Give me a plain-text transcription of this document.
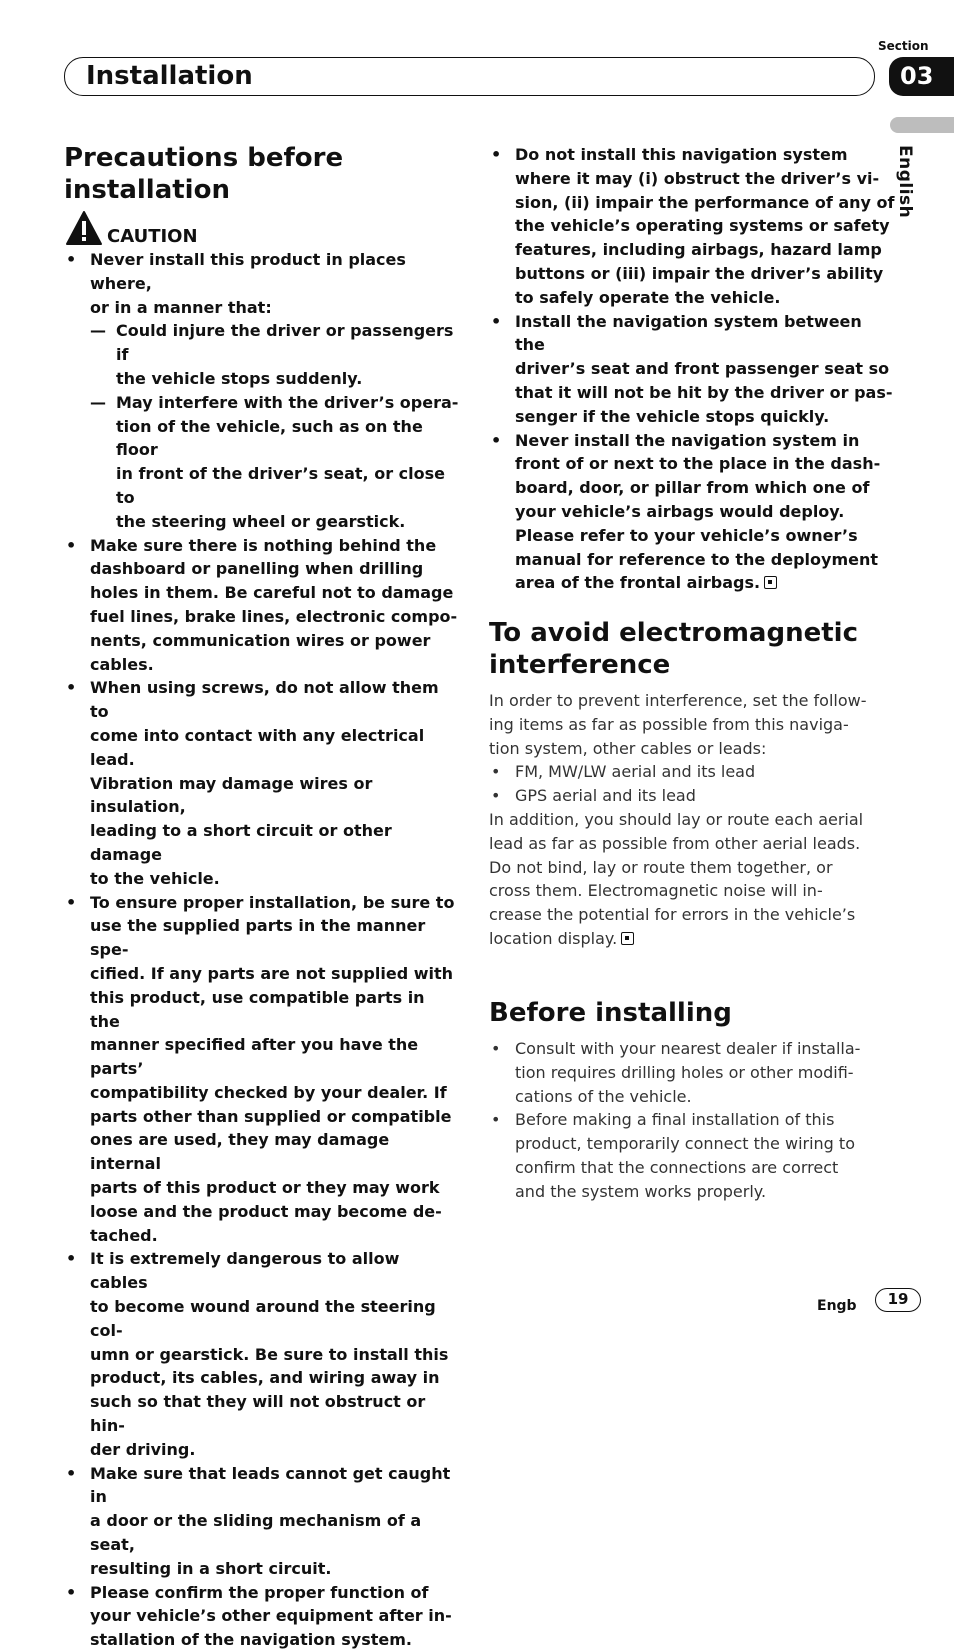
Section
03
Installation
English
Precautions before
installation
CAUTION
• Never install this product in places where,
or in a manner that:
— Could injure the driver or passengers if
the vehicle stops suddenly.
— May interfere with the driver’s opera-
tion of the vehicle, such as on the floor
in front of the driver’s seat, or close to
the steering wheel or gearstick.
• Make sure there is nothing behind the
dashboard or panelling when drilling
holes in them. Be careful not to damage
fuel lines, brake lines, electronic compo-
nents, communication wires or power
cables.
• When using screws, do not allow them to
come into contact with any electrical lead.
Vibration may damage wires or insulation,
leading to a short circuit or other damage
to the vehicle.
• To ensure proper installation, be sure to
use the supplied parts in the manner spe-
cified. If any parts are not supplied with
this product, use compatible parts in the
manner specified after you have the parts’
compatibility checked by your dealer. If
parts other than supplied or compatible
ones are used, they may damage internal
parts of this product or they may work
loose and the product may become de-
tached.
• It is extremely dangerous to allow cables
to become wound around the steering col-
umn or gearstick. Be sure to install this
product, its cables, and wiring away in
such so that they will not obstruct or hin-
der driving.
• Make sure that leads cannot get caught in
a door or the sliding mechanism of a seat,
resulting in a short circuit.
• Please confirm the proper function of
your vehicle’s other equipment after in-
stallation of the navigation system.
• Do not install this navigation system
where it may (i) obstruct the driver’s vi-
sion, (ii) impair the performance of any of
the vehicle’s operating systems or safety
features, including airbags, hazard lamp
buttons or (iii) impair the driver’s ability
to safely operate the vehicle.
• Install the navigation system between the
driver’s seat and front passenger seat so
that it will not be hit by the driver or pas-
senger if the vehicle stops quickly.
• Never install the navigation system in
front of or next to the place in the dash-
board, door, or pillar from which one of
your vehicle’s airbags would deploy.
Please refer to your vehicle’s owner’s
manual for reference to the deployment
area of the frontal airbags.
To avoid electromagnetic
interference
In order to prevent interference, set the follow-
ing items as far as possible from this naviga-
tion system, other cables or leads:
• FM, MW/LW aerial and its lead
• GPS aerial and its lead
In addition, you should lay or route each aerial
lead as far as possible from other aerial leads.
Do not bind, lay or route them together, or
cross them. Electromagnetic noise will in-
crease the potential for errors in the vehicle’s
location display.
Before installing
• Consult with your nearest dealer if installa-
tion requires drilling holes or other modifi-
cations of the vehicle.
• Before making a final installation of this
product, temporarily connect the wiring to
confirm that the connections are correct
and the system works properly.
Engb	19
